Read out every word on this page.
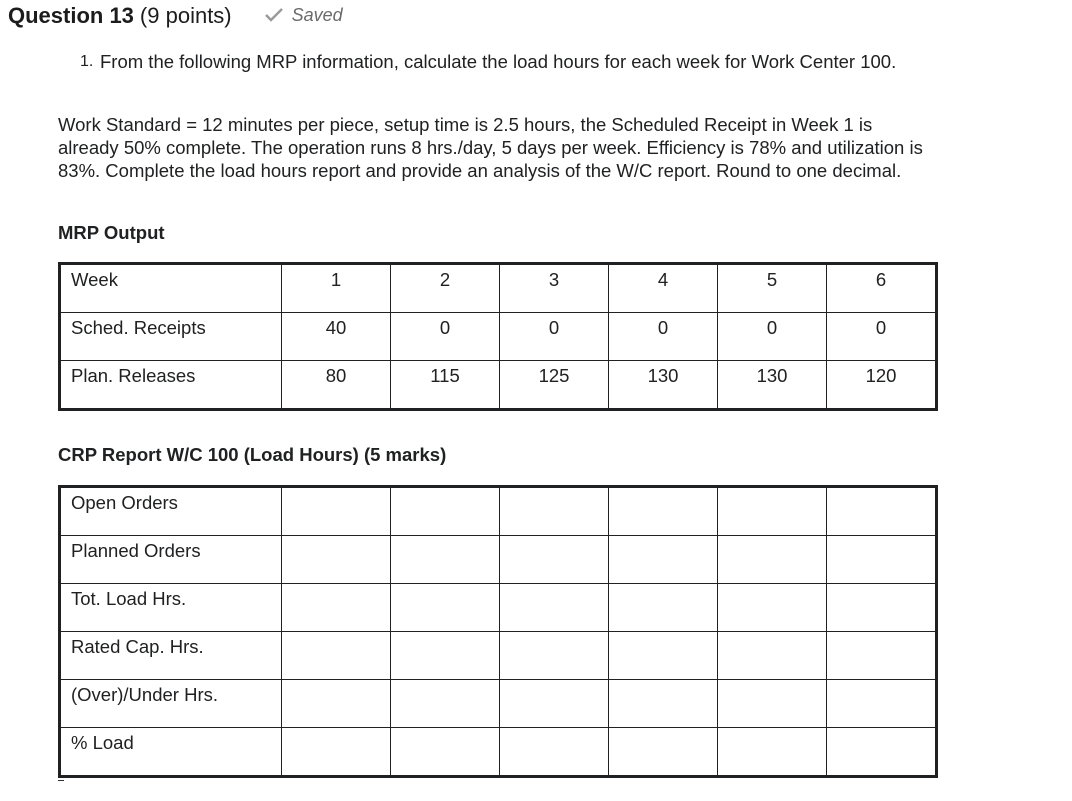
Question 13 (9 points)	Saved
1. From the following MRP information, calculate the load hours for each week for Work Center 100.
Work Standard = 12 minutes per piece, setup time is 2.5 hours, the Scheduled Receipt in Week 1 is already 50% complete. The operation runs 8 hrs./day, 5 days per week. Efficiency is 78% and utilization is 83%. Complete the load hours report and provide an analysis of the W/C report. Round to one decimal.
MRP Output
Week	1	2	3	4	5	6
Sched. Receipts	40	0	0	0	0	0
Plan. Releases	80	115	125	130	130	120
CRP Report W/C 100 (Load Hours) (5 marks)
Open Orders						
Planned Orders						
Tot. Load Hrs.						
Rated Cap. Hrs.						
(Over)/Under Hrs.						
% Load						
